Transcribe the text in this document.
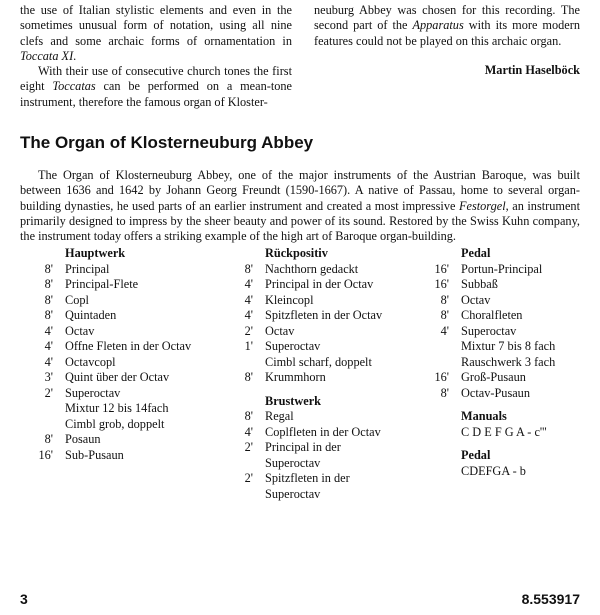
the use of Italian stylistic elements and even in the sometimes unusual form of notation, using all nine clefs and some archaic forms of ornamentation in Toccata XI.
With their use of consecutive church tones the first eight Toccatas can be performed on a mean-tone instrument, therefore the famous organ of Kloster-
neuburg Abbey was chosen for this recording. The second part of the Apparatus with its more modern features could not be played on this archaic organ.
Martin Haselböck
The Organ of Klosterneuburg Abbey
The Organ of Klosterneuburg Abbey, one of the major instruments of the Austrian Baroque, was built between 1636 and 1642 by Johann Georg Freundt (1590-1667). A native of Passau, home to several organ-building dynasties, he used parts of an earlier instrument and created a most impressive Festorgel, an instrument primarily designed to impress by the sheer beauty and power of its sound. Restored by the Swiss Kuhn company, the instrument today offers a striking example of the high art of Baroque organ-building.
Hauptwerk
8' Principal
8' Principal-Flete
8' Copl
8' Quintaden
4' Octav
4' Offne Fleten in der Octav
4' Octavcopl
3' Quint über der Octav
2' Superoctav
Mixtur 12 bis 14fach
Cimbl grob, doppelt
8' Posaun
16' Sub-Pusaun
Rückpositiv
8' Nachthorn gedackt
4' Principal in der Octav
4' Kleincopl
4' Spitzfleten in der Octav
2' Octav
1' Superoctav
Cimbl scharf, doppelt
8' Krummhorn
Brustwerk
8' Regal
4' Coplfleten in der Octav
2' Principal in der
Superoctav
2' Spitzfleten in der
Superoctav
Pedal
16' Portun-Principal
16' Subbaß
8' Octav
8' Choralfleten
4' Superoctav
Mixtur 7 bis 8 fach
Rauschwerk 3 fach
16' Groß-Pusaun
8' Octav-Pusaun
Manuals
C D E F G A - c'''
Pedal
CDEFGA - b
3	8.553917
